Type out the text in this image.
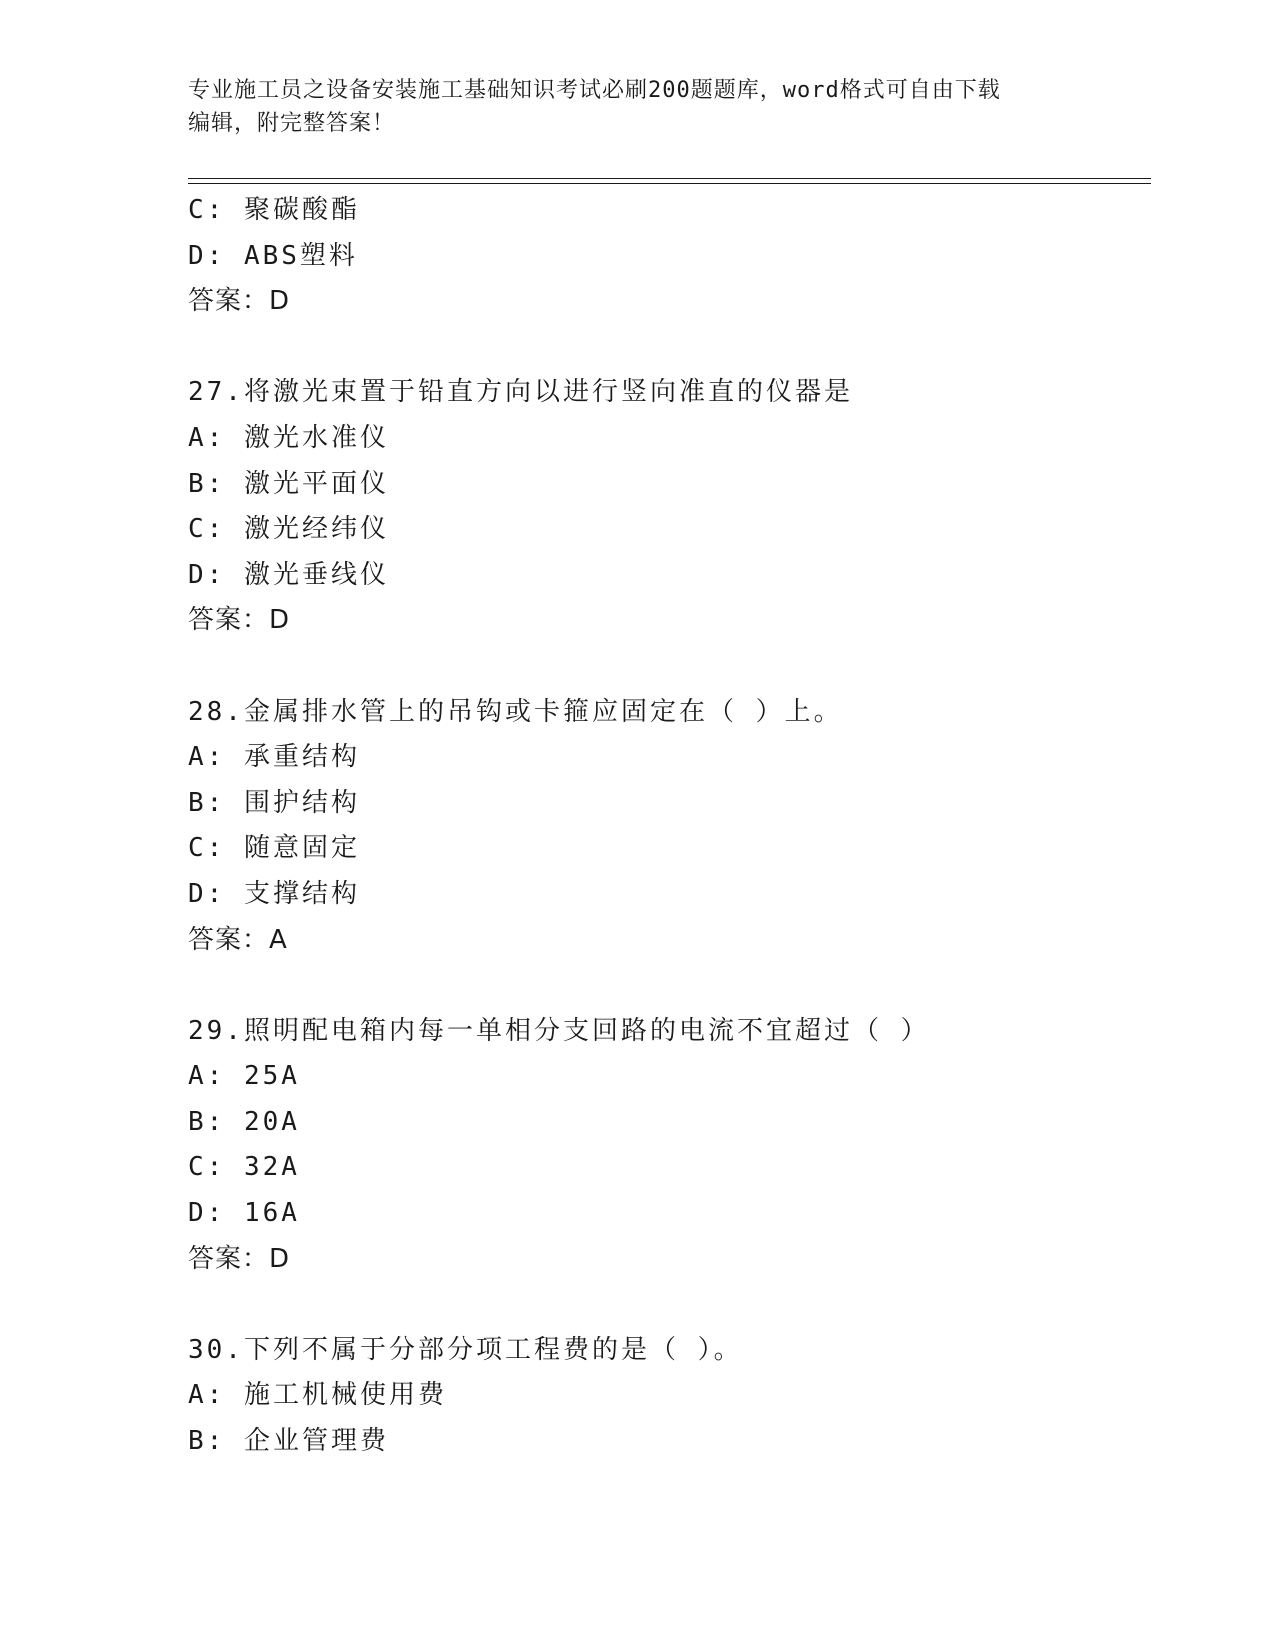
专业施工员之设备安装施工基础知识考试必刷200题题库，word格式可自由下载
编辑，附完整答案！
C: 聚碳酸酯
D: ABS塑料
答案：D
27.将激光束置于铅直方向以进行竖向准直的仪器是
A: 激光水准仪
B: 激光平面仪
C: 激光经纬仪
D: 激光垂线仪
答案：D
28.金属排水管上的吊钩或卡箍应固定在（ ）上。
A: 承重结构
B: 围护结构
C: 随意固定
D: 支撑结构
答案：A
29.照明配电箱内每一单相分支回路的电流不宜超过（ ）
A: 25A
B: 20A
C: 32A
D: 16A
答案：D
30.下列不属于分部分项工程费的是（ ）。
A: 施工机械使用费
B: 企业管理费
